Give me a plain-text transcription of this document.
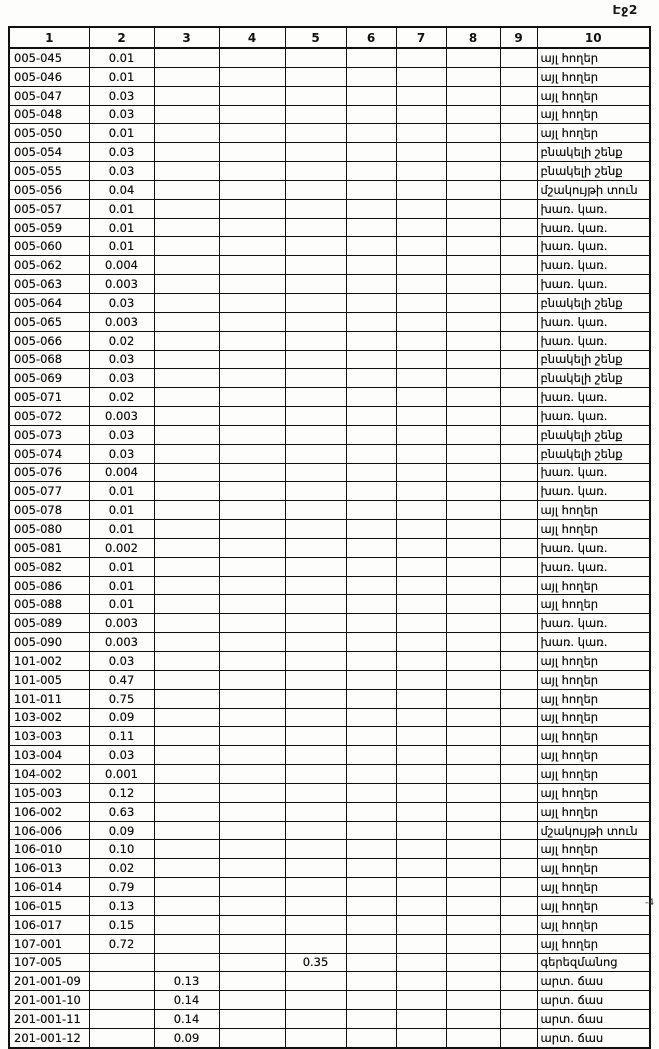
Էջ2
1	2	3	4	5	6	7	8	9	10
005-045	0.01								այլ հողեր
005-046	0.01								այլ հողեր
005-047	0.03								այլ հողեր
005-048	0.03								այլ հողեր
005-050	0.01								այլ հողեր
005-054	0.03								բնակելի շենք
005-055	0.03								բնակելի շենք
005-056	0.04								մշակույթի տուն
005-057	0.01								խառ. կառ.
005-059	0.01								խառ. կառ.
005-060	0.01								խառ. կառ.
005-062	0.004								խառ. կառ.
005-063	0.003								խառ. կառ.
005-064	0.03								բնակելի շենք
005-065	0.003								խառ. կառ.
005-066	0.02								խառ. կառ.
005-068	0.03								բնակելի շենք
005-069	0.03								բնակելի շենք
005-071	0.02								խառ. կառ.
005-072	0.003								խառ. կառ.
005-073	0.03								բնակելի շենք
005-074	0.03								բնակելի շենք
005-076	0.004								խառ. կառ.
005-077	0.01								խառ. կառ.
005-078	0.01								այլ հողեր
005-080	0.01								այլ հողեր
005-081	0.002								խառ. կառ.
005-082	0.01								խառ. կառ.
005-086	0.01								այլ հողեր
005-088	0.01								այլ հողեր
005-089	0.003								խառ. կառ.
005-090	0.003								խառ. կառ.
101-002	0.03								այլ հողեր
101-005	0.47								այլ հողեր
101-011	0.75								այլ հողեր
103-002	0.09								այլ հողեր
103-003	0.11								այլ հողեր
103-004	0.03								այլ հողեր
104-002	0.001								այլ հողեր
105-003	0.12								այլ հողեր
106-002	0.63								այլ հողեր
106-006	0.09								մշակույթի տուն
106-010	0.10								այլ հողեր
106-013	0.02								այլ հողեր
106-014	0.79								այլ հողեր
106-015	0.13								այլ հողեր
106-017	0.15								այլ հողեր
107-001	0.72								այլ հողեր
107-005				0.35					գերեզմանոց
201-001-09		0.13							արտ. ճաս
201-001-10		0.14							արտ. ճաս
201-001-11		0.14							արտ. ճաս
201-001-12		0.09							արտ. ճաս
-4
